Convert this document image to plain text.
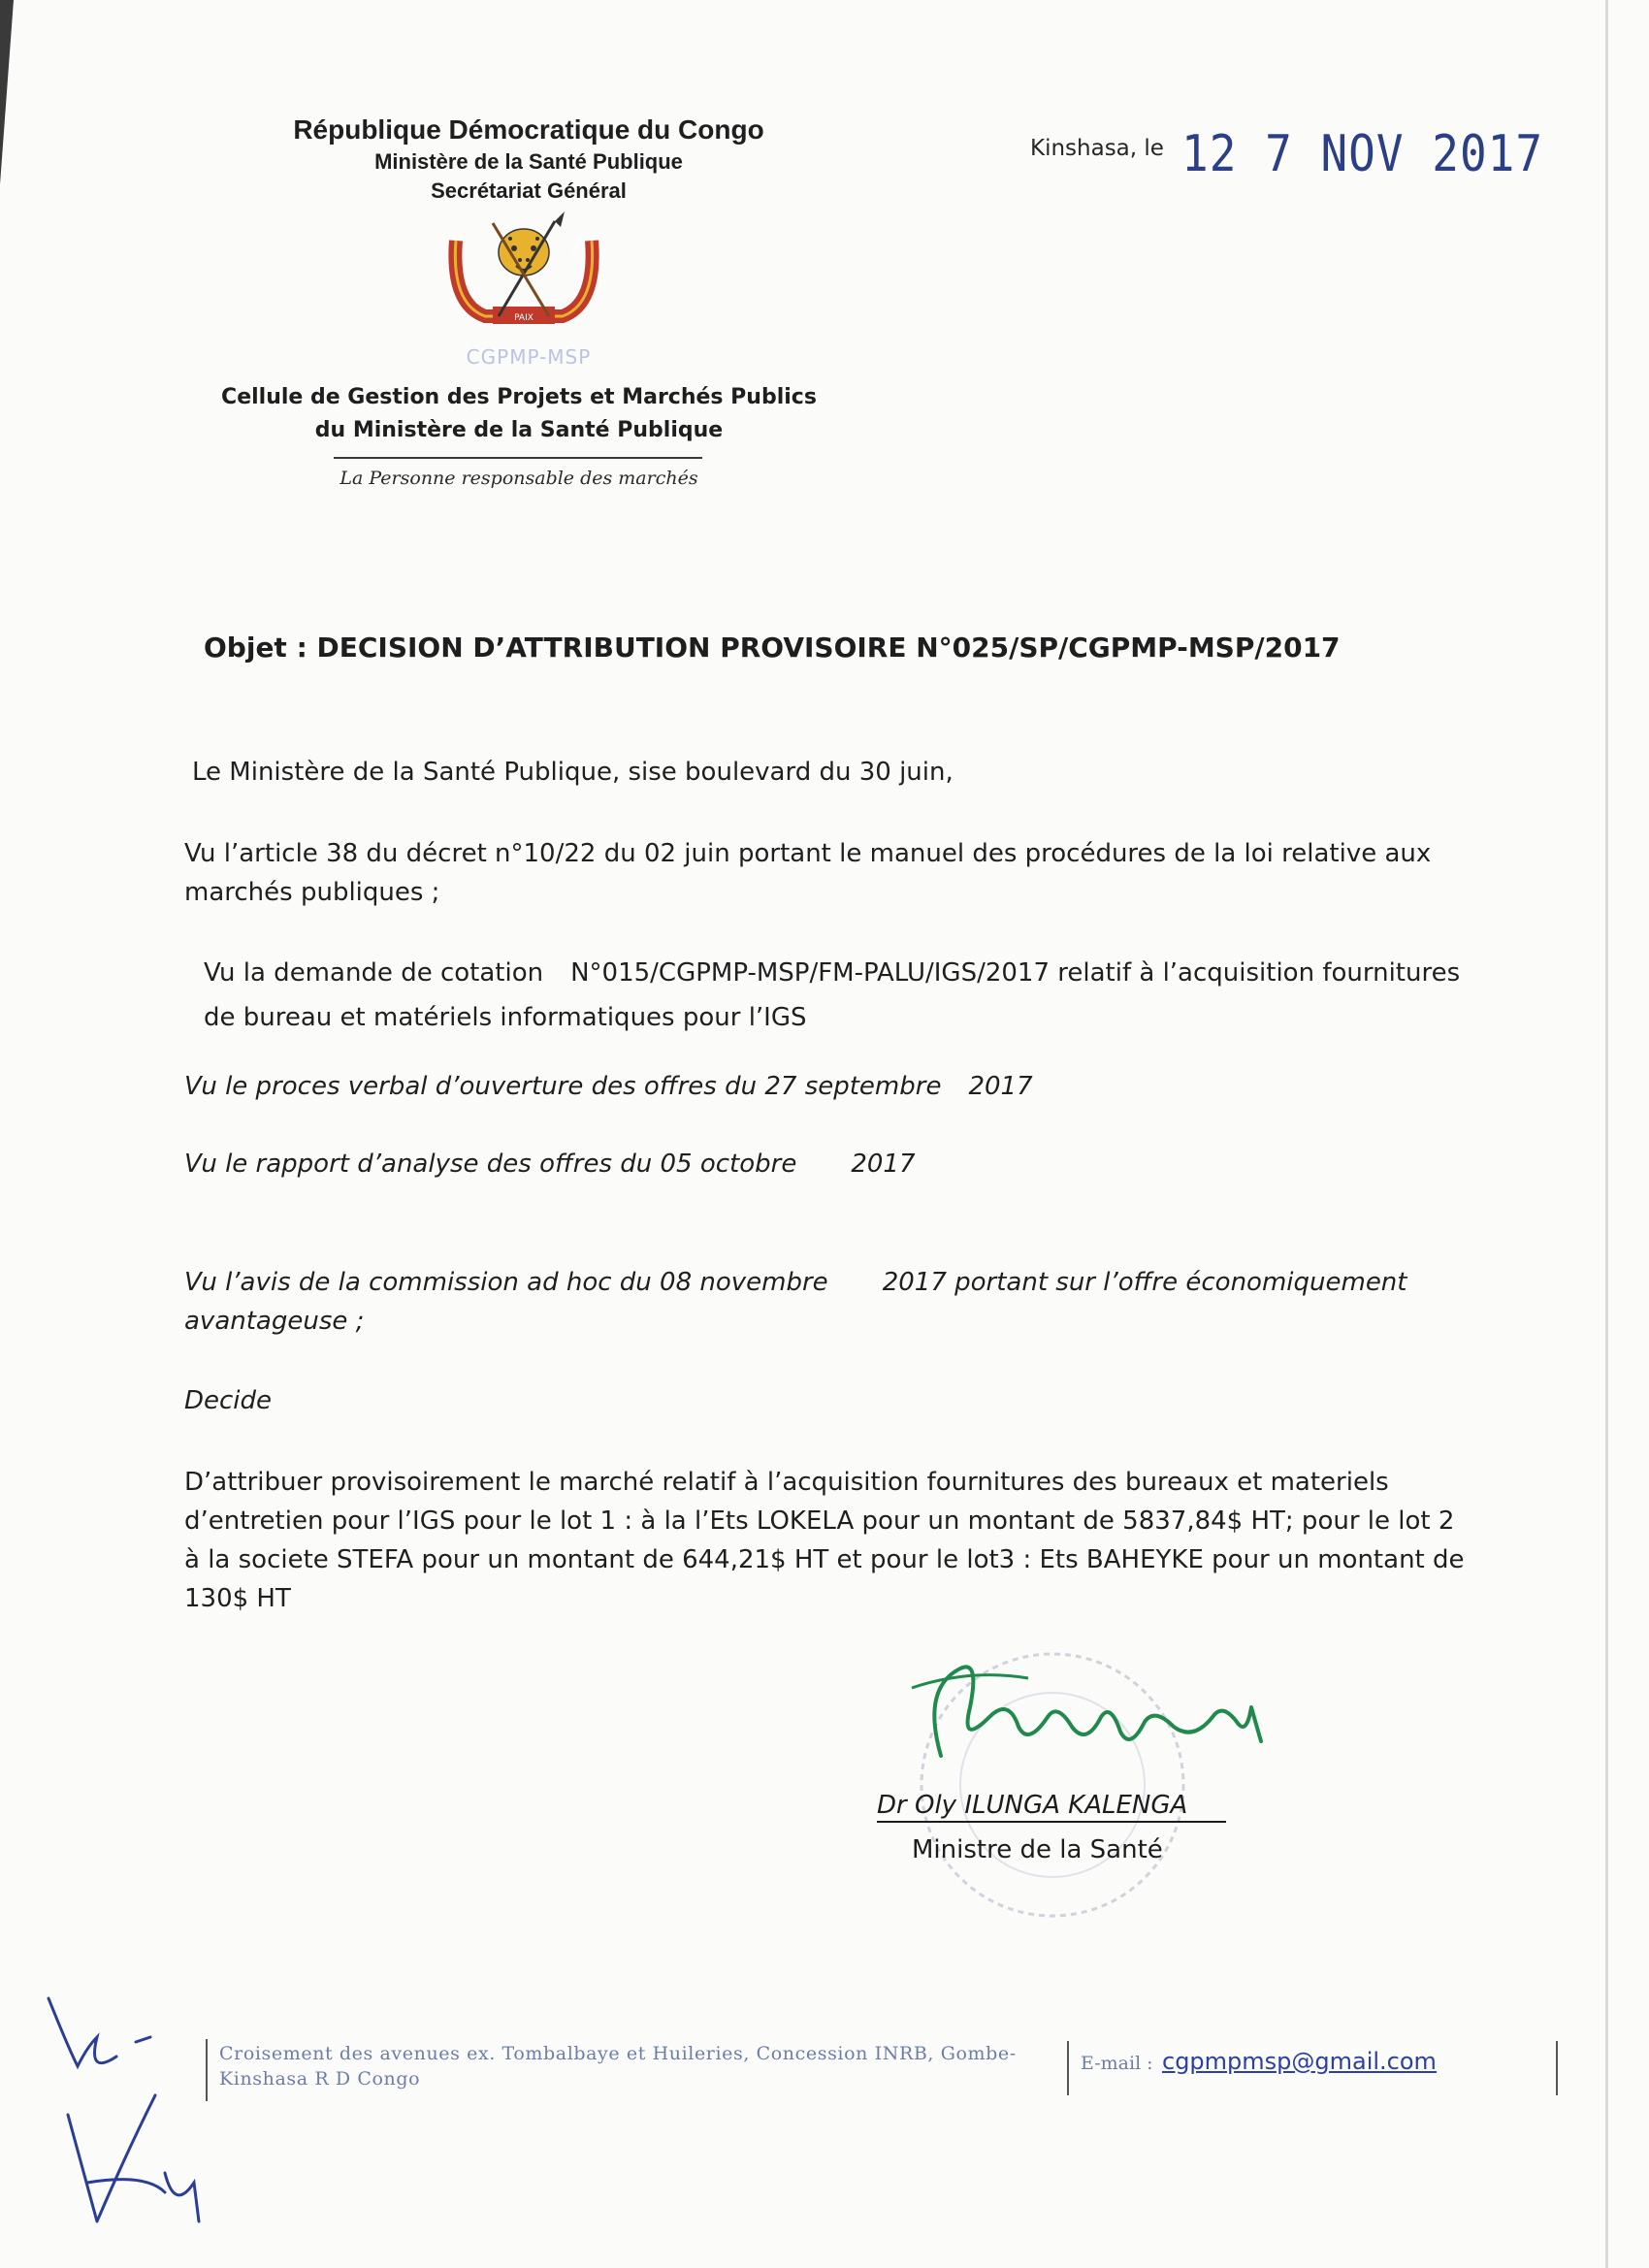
République Démocratique du Congo
Ministère de la Santé Publique
Secrétariat Général
PAIX
JUSTICE
TRAVAIL
CGPMP-MSP
Cellule de Gestion des Projets et Marchés Publics
du Ministère de la Santé Publique
La Personne responsable des marchés
Kinshasa, le 12 7 NOV 2017
Objet : DECISION D’ATTRIBUTION PROVISOIRE N°025/SP/CGPMP-MSP/2017
Le Ministère de la Santé Publique, sise boulevard du 30 juin,
Vu l’article 38 du décret n°10/22 du 02 juin portant le manuel des procédures de la loi relative aux marchés publiques ;
Vu la demande de cotation N°015/CGPMP-MSP/FM-PALU/IGS/2017 relatif à l’acquisition fournitures de bureau et matériels informatiques pour l’IGS
Vu le proces verbal d’ouverture des offres du 27 septembre 2017
Vu le rapport d’analyse des offres du 05 octobre 2017
Vu l’avis de la commission ad hoc du 08 novembre 2017 portant sur l’offre économiquement avantageuse ;
Decide
D’attribuer provisoirement le marché relatif à l’acquisition fournitures des bureaux et materiels d’entretien pour l’IGS pour le lot 1 : à la l’Ets LOKELA pour un montant de 5837,84$ HT; pour le lot 2 à la societe STEFA pour un montant de 644,21$ HT et pour le lot3 : Ets BAHEYKE pour un montant de 130$ HT
Dr Oly ILUNGA KALENGA
Ministre de la Santé
Croisement des avenues ex. Tombalbaye et Huileries, Concession INRB, Gombe-Kinshasa R D Congo
E-mail : cgpmpmsp@gmail.com
